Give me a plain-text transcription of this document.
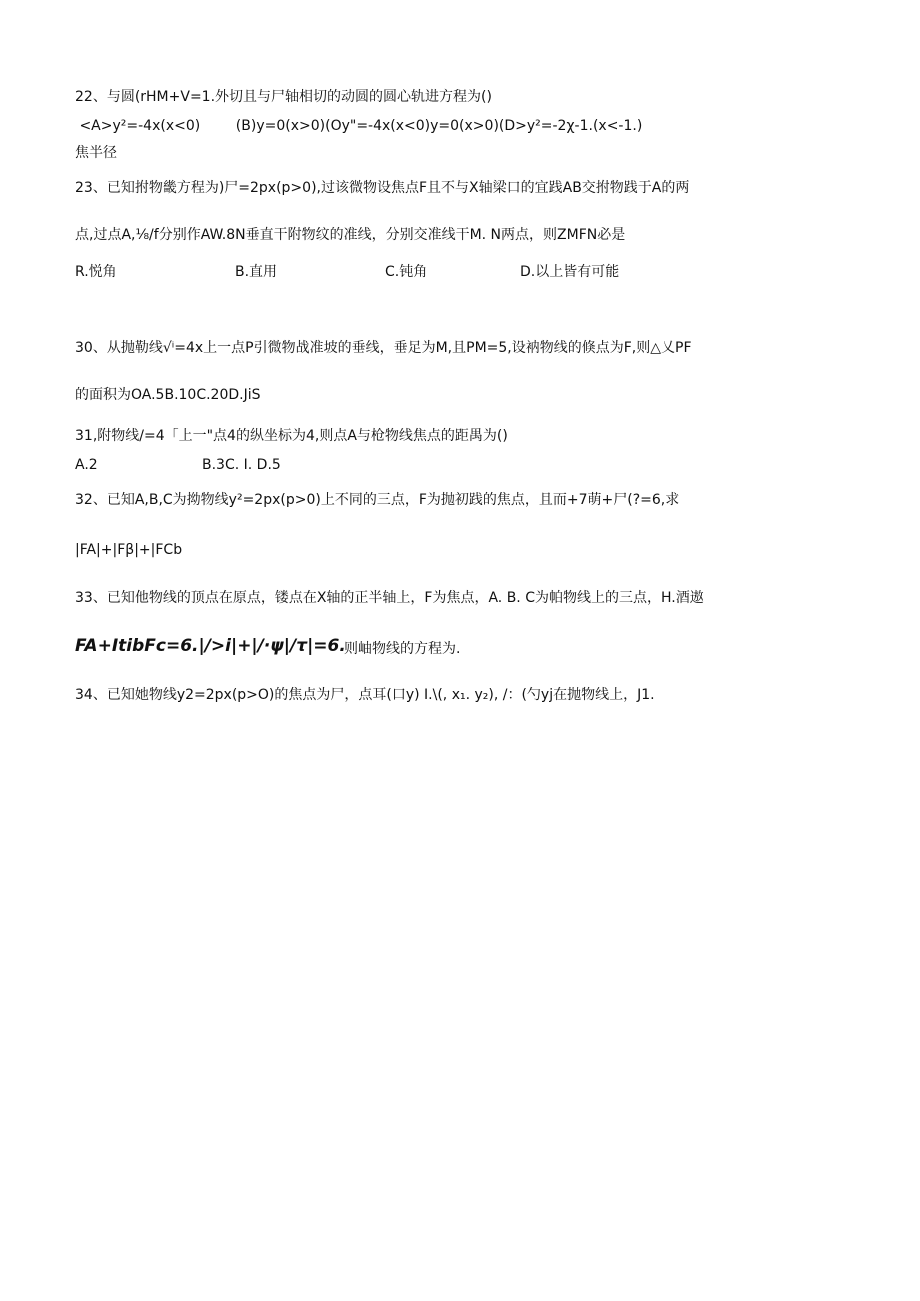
22、与圆(rHM+V=1.外切且与尸轴相切的动圆的圆心轨进方程为()
<A>y²=-4x(x<0)        (B)y=0(x>0)(Oy"=-4x(x<0)y=0(x>0)(D>y²=-2χ-1.(x<-1.)
焦半径
23、已知拊物畿方程为)尸=2px(p>0),过该微物设焦点F且不与X轴梁口的宜践AB交拊物践于A的两
点,过点A,⅛/f分别作AW.8N垂直干附物纹的准线，分别交准线干M. N两点，则ZMFN必是
R.悦角	B.直用	C.钝角	D.以上皆有可能
30、从抛勒线√ⁱ=4x上一点P引微物战准坡的垂线，垂足为M,且PM=5,设衲物线的倏点为F,则△乂PF
的面积为OA.5B.10C.20D.JiS
31,附物线/=4「上一"点4的纵坐标为4,则点A与枪物线焦点的距禺为()
A.2	B.3C. I. D.5
32、已知A,B,C为拗物线y²=2px(p>0)上不同的三点，F为抛初践的焦点，且而+7萌+尸(?=6,求
|FA|+|Fβ|+|FCb
33、已知他物线的顶点在原点，镂点在X轴的正半轴上，F为焦点，A. B. C为帕物线上的三点，H.酒遨
FA+ItibFc=6.|/>i|+|/·ψ|/τ|=6.
则岫物线的方程为.
34、已知她物线y2=2px(p>O)的焦点为尸，点耳(口y) I.\(, x₁. y₂), /：(勺yj在抛物线上，J1.
